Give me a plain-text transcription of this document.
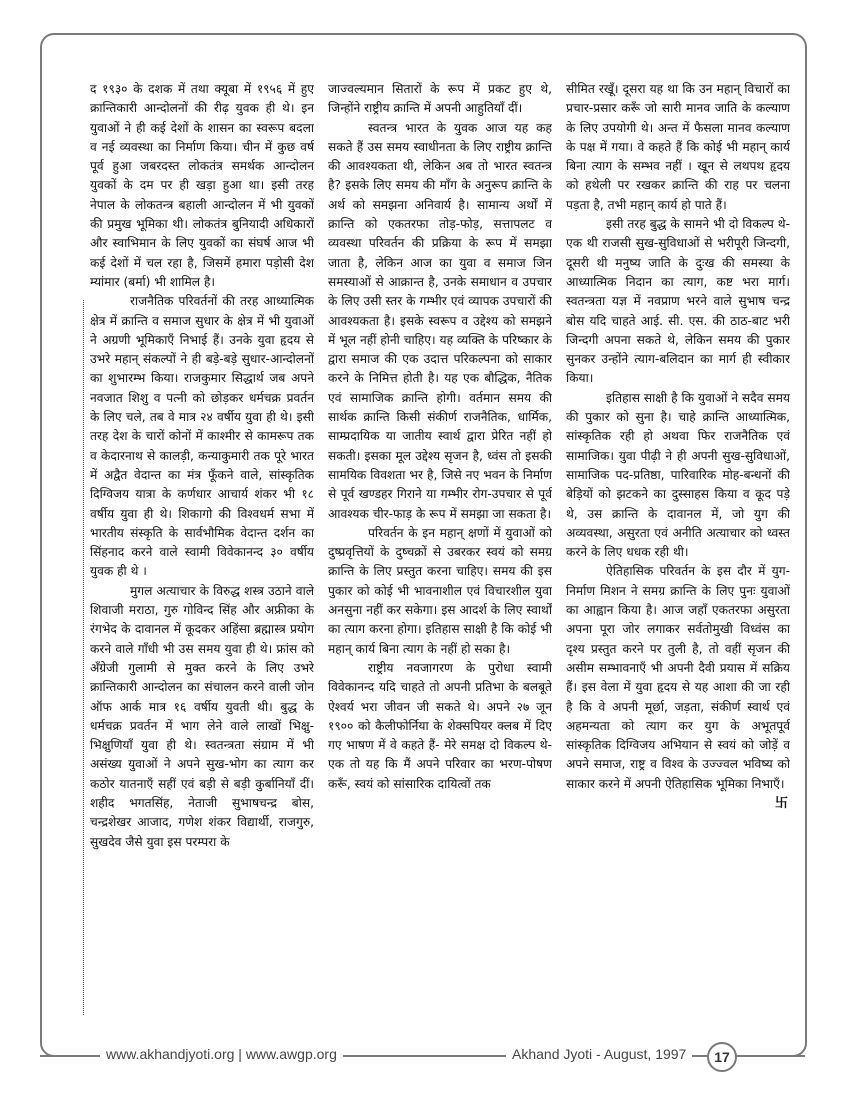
द १९३० के दशक में तथा क्यूबा में १९५६ में हुए क्रान्तिकारी आन्दोलनों की रीढ़ युवक ही थे। इन युवाओं ने ही कई देशों के शासन का स्वरूप बदला व नई व्यवस्था का निर्माण किया। चीन में कुछ वर्ष पूर्व हुआ जबरदस्त लोकतंत्र समर्थक आन्दोलन युवकों के दम पर ही खड़ा हुआ था। इसी तरह नेपाल के लोकतन्त्र बहाली आन्दोलन में भी युवकों की प्रमुख भूमिका थी। लोकतंत्र बुनियादी अधिकारों और स्वाभिमान के लिए युवकों का संघर्ष आज भी कई देशों में चल रहा है, जिसमें हमारा पड़ोसी देश म्यांमार (बर्मा) भी शामिल है।

राजनैतिक परिवर्तनों की तरह आध्यात्मिक क्षेत्र में क्रान्ति व समाज सुधार के क्षेत्र में भी युवाओं ने अग्रणी भूमिकाएँ निभाई हैं। उनके युवा हृदय से उभरे महान् संकल्पों ने ही बड़े-बड़े सुधार-आन्दोलनों का शुभारम्भ किया। राजकुमार सिद्धार्थ जब अपने नवजात शिशु व पत्नी को छोड़कर धर्मचक्र प्रवर्तन के लिए चले, तब वे मात्र २४ वर्षीय युवा ही थे। इसी तरह देश के चारों कोनों में काश्मीर से कामरूप तक व केदारनाथ से कालड़ी, कन्याकुमारी तक पूरे भारत में अद्वैत वेदान्त का मंत्र फूँकने वाले, सांस्कृतिक दिग्विजय यात्रा के कर्णधार आचार्य शंकर भी १८ वर्षीय युवा ही थे। शिकागो की विश्वधर्म सभा में भारतीय संस्कृति के सार्वभौमिक वेदान्त दर्शन का सिंहनाद करने वाले स्वामी विवेकानन्द ३० वर्षीय युवक ही थे ।

मुगल अत्याचार के विरुद्ध शस्त्र उठाने वाले शिवाजी मराठा, गुरु गोविन्द सिंह और अफ्रीका के रंगभेद के दावानल में कूदकर अहिंसा ब्रह्मास्त्र प्रयोग करने वाले गाँधी भी उस समय युवा ही थे। फ्रांस को अँग्रेजी गुलामी से मुक्त करने के लिए उभरे क्रान्तिकारी आन्दोलन का संचालन करने वाली जोन ऑफ आर्क मात्र १६ वर्षीय युवती थी। बुद्ध के धर्मचक्र प्रवर्तन में भाग लेने वाले लाखों भिक्षु-भिक्षुणियाँ युवा ही थे। स्वतन्त्रता संग्राम में भी असंख्य युवाओं ने अपने सुख-भोग का त्याग कर कठोर यातनाएँ सहीं एवं बड़ी से बड़ी कुर्बानियाँ दीं। शहीद भगतसिंह, नेताजी सुभाषचन्द्र बोस, चन्द्रशेखर आजाद, गणेश शंकर विद्यार्थी, राजगुरु, सुखदेव जैसे युवा इस परम्परा के

जाज्वल्यमान सितारों के रूप में प्रकट हुए थे, जिन्होंने राष्ट्रीय क्रान्ति में अपनी आहुतियाँ दीं।

स्वतन्त्र भारत के युवक आज यह कह सकते हैं उस समय स्वाधीनता के लिए राष्ट्रीय क्रान्ति की आवश्यकता थी, लेकिन अब तो भारत स्वतन्त्र है? इसके लिए समय की माँग के अनुरूप क्रान्ति के अर्थ को समझना अनिवार्य है। सामान्य अर्थों में क्रान्ति को एकतरफा तोड़-फोड़, सत्तापलट व व्यवस्था परिवर्तन की प्रक्रिया के रूप में समझा जाता है, लेकिन आज का युवा व समाज जिन समस्याओं से आक्रान्त है, उनके समाधान व उपचार के लिए उसी स्तर के गम्भीर एवं व्यापक उपचारों की आवश्यकता है। इसके स्वरूप व उद्देश्य को समझने में भूल नहीं होनी चाहिए। यह व्यक्ति के परिष्कार के द्वारा समाज की एक उदात्त परिकल्पना को साकार करने के निमित्त होती है। यह एक बौद्धिक, नैतिक एवं सामाजिक क्रान्ति होगी। वर्तमान समय की सार्थक क्रान्ति किसी संकीर्ण राजनैतिक, धार्मिक, साम्प्रदायिक या जातीय स्वार्थ द्वारा प्रेरित नहीं हो सकती। इसका मूल उद्देश्य सृजन है, ध्वंस तो इसकी सामयिक विवशता भर है, जिसे नए भवन के निर्माण से पूर्व खण्डहर गिराने या गम्भीर रोग-उपचार से पूर्व आवश्यक चीर-फाड़ के रूप में समझा जा सकता है।

परिवर्तन के इन महान् क्षणों में युवाओं को दुष्प्रवृत्तियों के दुष्चक्रों से उबरकर स्वयं को समग्र क्रान्ति के लिए प्रस्तुत करना चाहिए। समय की इस पुकार को कोई भी भावनाशील एवं विचारशील युवा अनसुना नहीं कर सकेगा। इस आदर्श के लिए स्वार्थों का त्याग करना होगा। इतिहास साक्षी है कि कोई भी महान् कार्य बिना त्याग के नहीं हो सका है।

राष्ट्रीय नवजागरण के पुरोधा स्वामी विवेकानन्द यदि चाहते तो अपनी प्रतिभा के बलबूते ऐश्वर्य भरा जीवन जी सकते थे। अपने २७ जून १९०० को कैलीफोर्निया के शेक्सपियर क्लब में दिए गए भाषण में वे कहते हैं- मेरे समक्ष दो विकल्प थे- एक तो यह कि मैं अपने परिवार का भरण-पोषण करूँ, स्वयं को सांसारिक दायित्वों तक

सीमित रखूँ। दूसरा यह था कि उन महान् विचारों का प्रचार-प्रसार करूँ जो सारी मानव जाति के कल्याण के लिए उपयोगी थे। अन्त में फैसला मानव कल्याण के पक्ष में गया। वे कहते हैं कि कोई भी महान् कार्य बिना त्याग के सम्भव नहीं । खून से लथपथ हृदय को हथेली पर रखकर क्रान्ति की राह पर चलना पड़ता है, तभी महान् कार्य हो पाते हैं।

इसी तरह बुद्ध के सामने भी दो विकल्प थे- एक थी राजसी सुख-सुविधाओं से भरीपूरी जिन्दगी, दूसरी थी मनुष्य जाति के दुःख की समस्या के आध्यात्मिक निदान का त्याग, कष्ट भरा मार्ग। स्वतन्त्रता यज्ञ में नवप्राण भरने वाले सुभाष चन्द्र बोस यदि चाहते आई. सी. एस. की ठाठ-बाट भरी जिन्दगी अपना सकते थे, लेकिन समय की पुकार सुनकर उन्होंने त्याग-बलिदान का मार्ग ही स्वीकार किया।

इतिहास साक्षी है कि युवाओं ने सदैव समय की पुकार को सुना है। चाहे क्रान्ति आध्यात्मिक, सांस्कृतिक रही हो अथवा फिर राजनैतिक एवं सामाजिक। युवा पीढ़ी ने ही अपनी सुख-सुविधाओं, सामाजिक पद-प्रतिष्ठा, पारिवारिक मोह-बन्धनों की बेड़ियों को झटकने का दुस्साहस किया व कूद पड़े थे, उस क्रान्ति के दावानल में, जो युग की अव्यवस्था, असुरता एवं अनीति अत्याचार को ध्वस्त करने के लिए धधक रही थी।

ऐतिहासिक परिवर्तन के इस दौर में युग-निर्माण मिशन ने समग्र क्रान्ति के लिए पुनः युवाओं का आह्वान किया है। आज जहाँ एकतरफा असुरता अपना पूरा जोर लगाकर सर्वतोमुखी विध्वंस का दृश्य प्रस्तुत करने पर तुली है, तो वहीं सृजन की असीम सम्भावनाएँ भी अपनी दैवी प्रयास में सक्रिय हैं। इस वेला में युवा हृदय से यह आशा की जा रही है कि वे अपनी मूर्छा, जड़ता, संकीर्ण स्वार्थ एवं अहमन्यता को त्याग कर युग के अभूतपूर्व सांस्कृतिक दिग्विजय अभियान से स्वयं को जोड़ें व अपने समाज, राष्ट्र व विश्व के उज्ज्वल भविष्य को साकार करने में अपनी ऐतिहासिक भूमिका निभाएँ।

卐

www.akhandjyoti.org | www.awgp.org	Akhand Jyoti - August, 1997	17
